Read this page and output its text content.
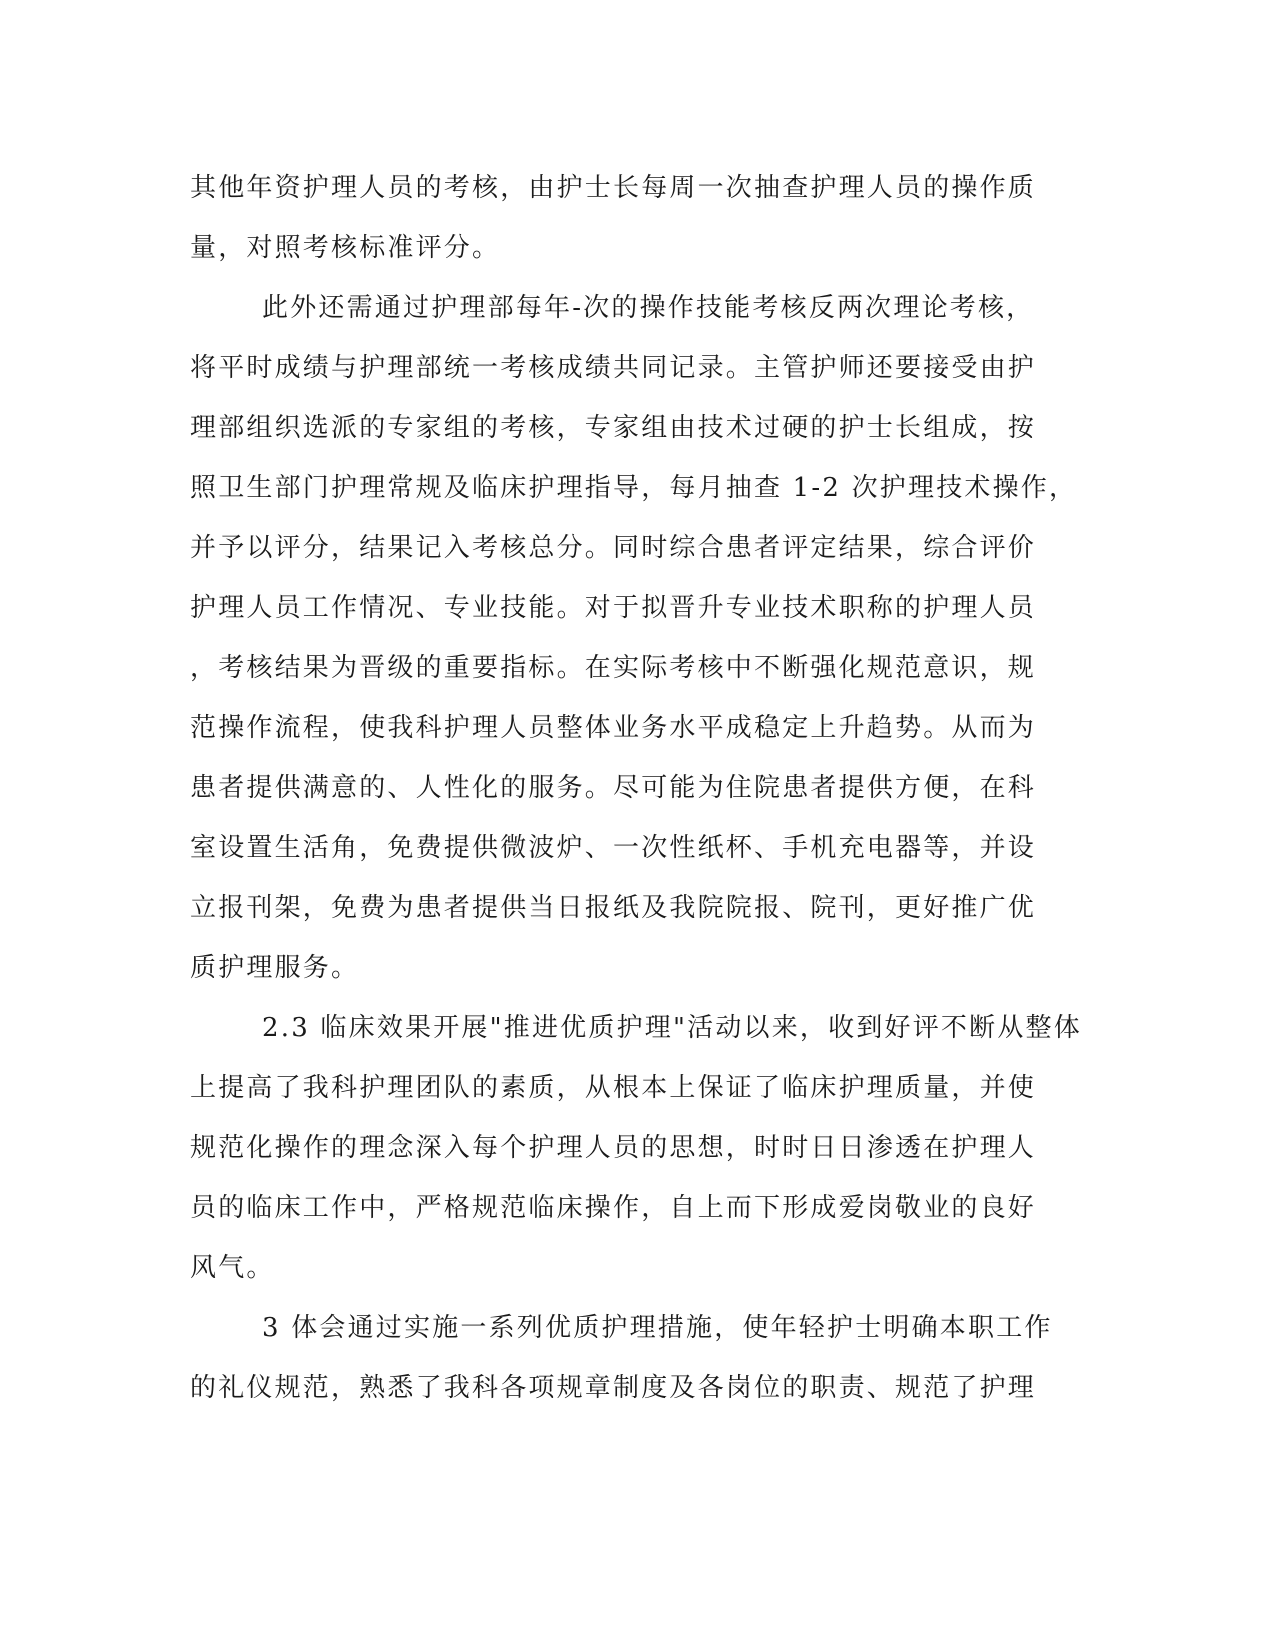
其他年资护理人员的考核，由护士长每周一次抽查护理人员的操作质
量，对照考核标准评分。
此外还需通过护理部每年-次的操作技能考核反两次理论考核，
将平时成绩与护理部统一考核成绩共同记录。主管护师还要接受由护
理部组织选派的专家组的考核，专家组由技术过硬的护士长组成，按
照卫生部门护理常规及临床护理指导，每月抽查 1-2 次护理技术操作，
并予以评分，结果记入考核总分。同时综合患者评定结果，综合评价
护理人员工作情况、专业技能。对于拟晋升专业技术职称的护理人员
，考核结果为晋级的重要指标。在实际考核中不断强化规范意识，规
范操作流程，使我科护理人员整体业务水平成稳定上升趋势。从而为
患者提供满意的、人性化的服务。尽可能为住院患者提供方便，在科
室设置生活角，免费提供微波炉、一次性纸杯、手机充电器等，并设
立报刊架，免费为患者提供当日报纸及我院院报、院刊，更好推广优
质护理服务。
2.3 临床效果开展"推进优质护理"活动以来，收到好评不断从整体
上提高了我科护理团队的素质，从根本上保证了临床护理质量，并使
规范化操作的理念深入每个护理人员的思想，时时日日渗透在护理人
员的临床工作中，严格规范临床操作，自上而下形成爱岗敬业的良好
风气。
3 体会通过实施一系列优质护理措施，使年轻护士明确本职工作
的礼仪规范，熟悉了我科各项规章制度及各岗位的职责、规范了护理
